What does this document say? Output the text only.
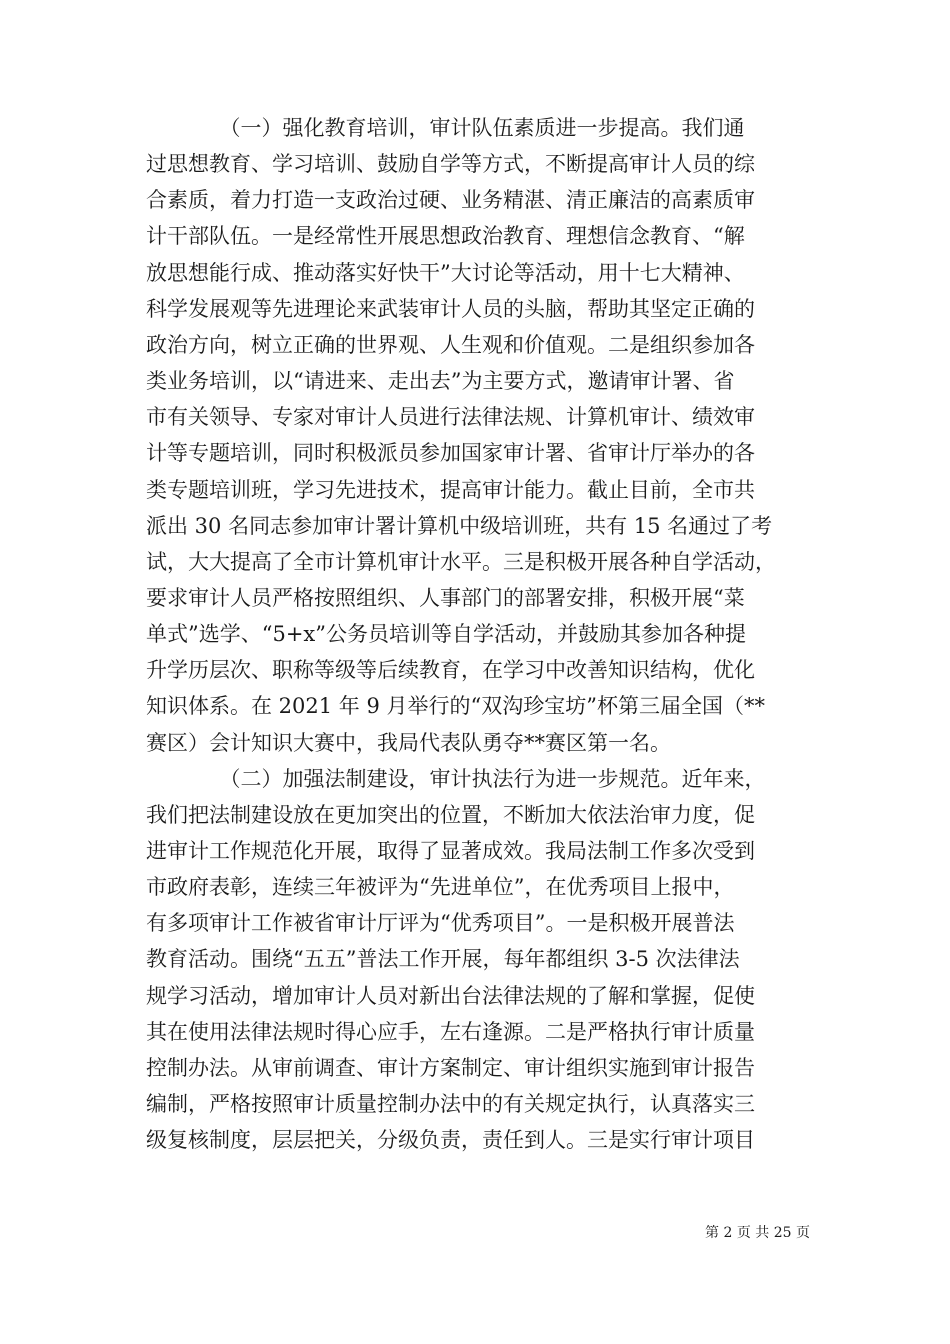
　　　　（一）强化教育培训，审计队伍素质进一步提高。我们通

过思想教育、学习培训、鼓励自学等方式，不断提高审计人员的综

合素质，着力打造一支政治过硬、业务精湛、清正廉洁的高素质审

计干部队伍。一是经常性开展思想政治教育、理想信念教育、“解

放思想能行成、推动落实好快干”大讨论等活动，用十七大精神、

科学发展观等先进理论来武装审计人员的头脑，帮助其坚定正确的

政治方向，树立正确的世界观、人生观和价值观。二是组织参加各

类业务培训，以“请进来、走出去”为主要方式，邀请审计署、省

市有关领导、专家对审计人员进行法律法规、计算机审计、绩效审

计等专题培训，同时积极派员参加国家审计署、省审计厅举办的各

类专题培训班，学习先进技术，提高审计能力。截止目前，全市共

派出 30 名同志参加审计署计算机中级培训班，共有 15 名通过了考

试，大大提高了全市计算机审计水平。三是积极开展各种自学活动，

要求审计人员严格按照组织、人事部门的部署安排，积极开展“菜

单式”选学、“5+x”公务员培训等自学活动，并鼓励其参加各种提

升学历层次、职称等级等后续教育，在学习中改善知识结构，优化

知识体系。在 2021 年 9 月举行的“双沟珍宝坊”杯第三届全国（**

赛区）会计知识大赛中，我局代表队勇夺**赛区第一名。

　　　　（二）加强法制建设，审计执法行为进一步规范。近年来，

我们把法制建设放在更加突出的位置，不断加大依法治审力度，促

进审计工作规范化开展，取得了显著成效。我局法制工作多次受到

市政府表彰，连续三年被评为“先进单位”，在优秀项目上报中，

有多项审计工作被省审计厅评为“优秀项目”。一是积极开展普法

教育活动。围绕“五五”普法工作开展，每年都组织 3-5 次法律法

规学习活动，增加审计人员对新出台法律法规的了解和掌握，促使

其在使用法律法规时得心应手，左右逢源。二是严格执行审计质量

控制办法。从审前调查、审计方案制定、审计组织实施到审计报告

编制，严格按照审计质量控制办法中的有关规定执行，认真落实三

级复核制度，层层把关，分级负责，责任到人。三是实行审计项目

第 2 页 共 25 页
